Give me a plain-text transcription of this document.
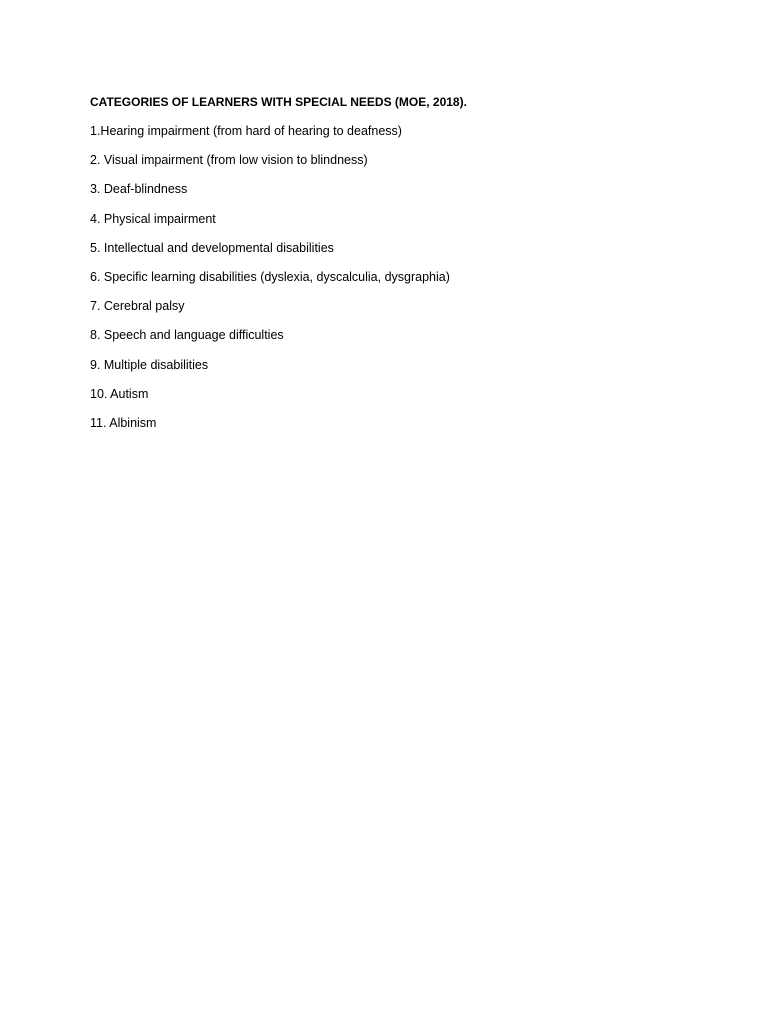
CATEGORIES OF LEARNERS WITH SPECIAL NEEDS (MOE, 2018).
1.Hearing impairment (from hard of hearing to deafness)
2. Visual impairment (from low vision to blindness)
3. Deaf-blindness
4. Physical impairment
5. Intellectual and developmental disabilities
6. Specific learning disabilities (dyslexia, dyscalculia, dysgraphia)
7. Cerebral palsy
8. Speech and language difficulties
9. Multiple disabilities
10. Autism
11. Albinism
